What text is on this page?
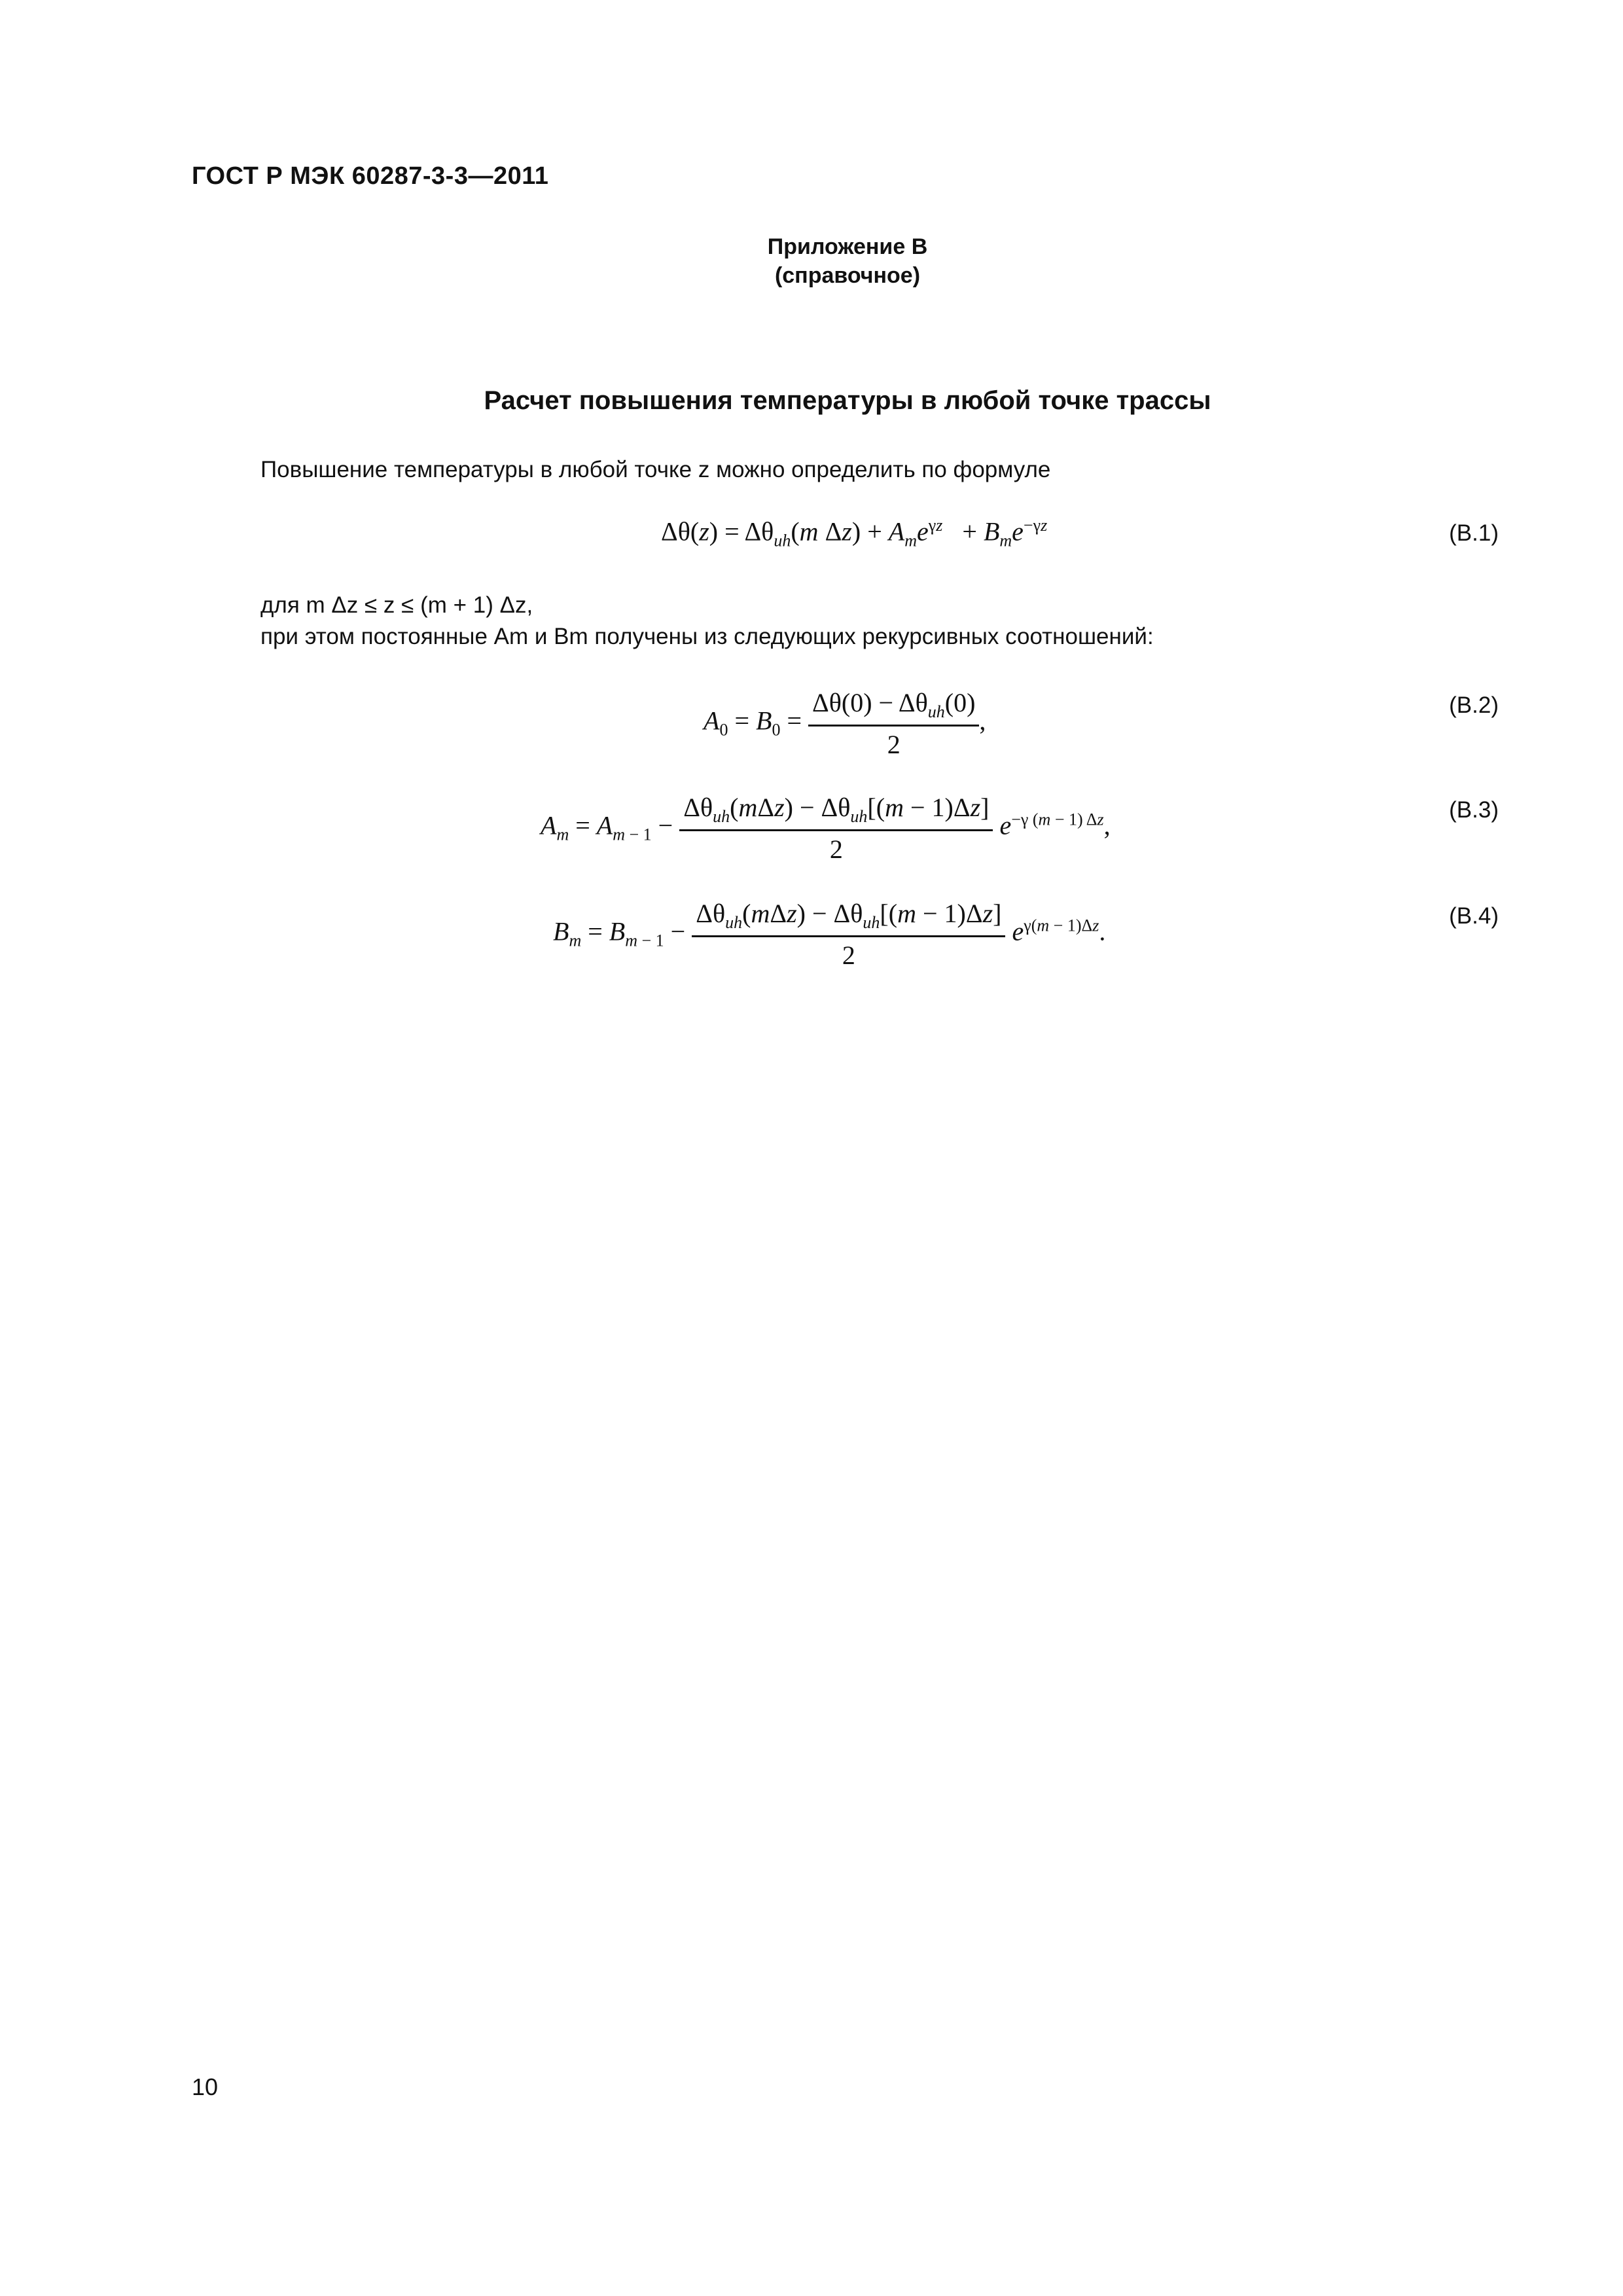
ГОСТ Р МЭК 60287-3-3—2011
Приложение В
(справочное)
Расчет повышения температуры в любой точке трассы
Повышение температуры в любой точке z можно определить по формуле
$\Delta\theta(z) = \Delta\theta_{uh}(m$ $\Delta z) + A_me^{\gamma z} + B_me^{-\gamma z}$	(В.1)
для m Δz ≤ z ≤ (m + 1) Δz,
при этом постоянные Am и Bm получены из следующих рекурсивных соотношений:
$A_0 = B_0 = \frac{\Delta\theta(0) - \Delta\theta_{uh}(0)}{2}$ ,
(В.2)
$A_m = A_{m - 1} - \frac{\Delta\theta_{uh}(m\Delta z) - \Delta\theta_{uh}[(m - 1)\Delta z]}{2} e^{-\gamma (m - 1) \Delta z}$,
(В.3)
$B_m = B_{m - 1} - \frac{\Delta\theta_{uh}(m\Delta z) - \Delta\theta_{uh}[(m - 1)\Delta z]}{2} e^{\gamma(m - 1)\Delta z}$.
(В.4)
10
